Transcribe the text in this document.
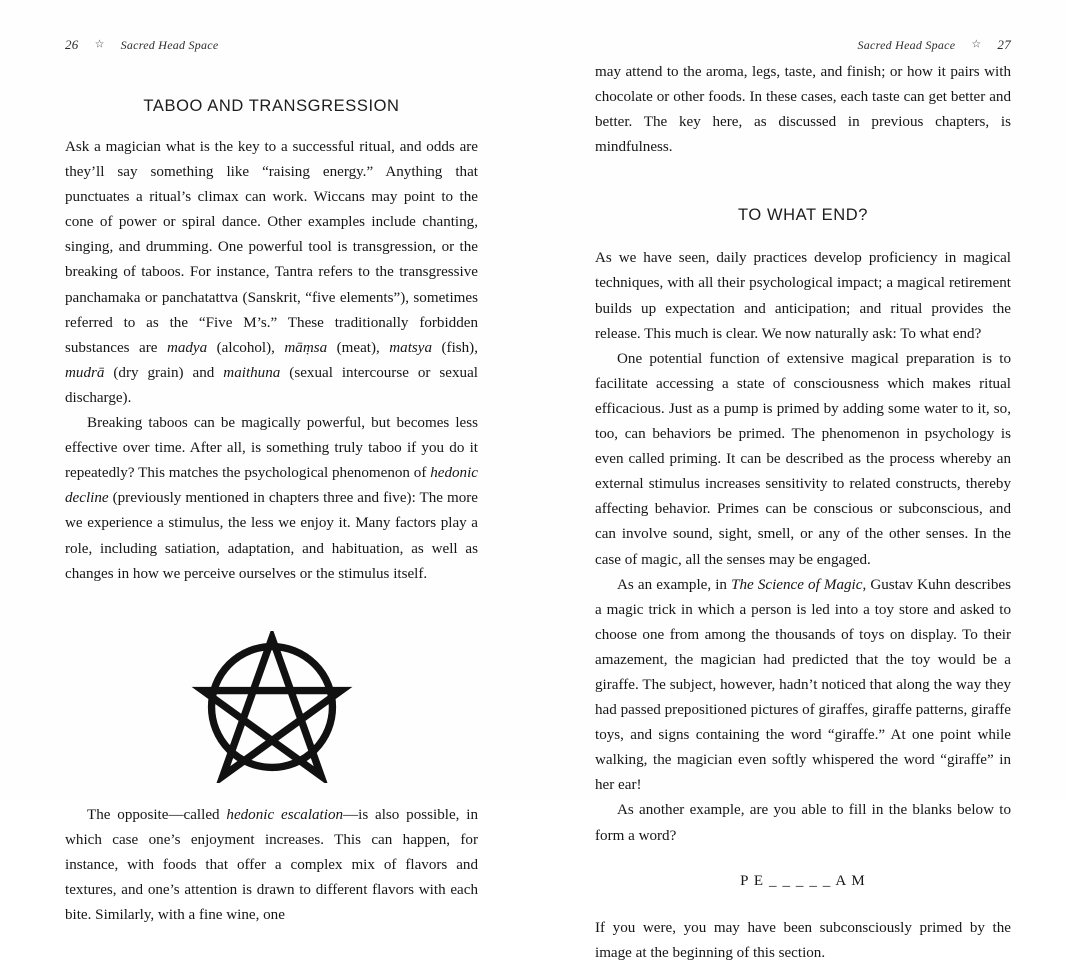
26 ☆ Sacred Head Space
TABOO AND TRANSGRESSION

Ask a magician what is the key to a successful ritual, and odds are they’ll say something like “raising energy.” Anything that punctuates a ritual’s climax can work. Wiccans may point to the cone of power or spiral dance. Other examples include chanting, singing, and drumming. One powerful tool is transgression, or the breaking of taboos. For instance, Tantra refers to the transgressive panchamaka or panchatattva (Sanskrit, “five elements”), sometimes referred to as the “Five M’s.” These traditionally forbidden substances are madya (alcohol), māṃsa (meat), matsya (fish), mudrā (dry grain) and maithuna (sexual intercourse or sexual discharge).

Breaking taboos can be magically powerful, but becomes less effective over time. After all, is something truly taboo if you do it repeatedly? This matches the psychological phenomenon of hedonic decline (previously mentioned in chapters three and five): The more we experience a stimulus, the less we enjoy it. Many factors play a role, including satiation, adaptation, and habituation, as well as changes in how we perceive ourselves or the stimulus itself.

The opposite—called hedonic escalation—is also possible, in which case one’s enjoyment increases. This can happen, for instance, with foods that offer a complex mix of flavors and textures, and one’s attention is drawn to different flavors with each bite. Similarly, with a fine wine, one

Sacred Head Space ☆ 27

may attend to the aroma, legs, taste, and finish; or how it pairs with chocolate or other foods. In these cases, each taste can get better and better. The key here, as discussed in previous chapters, is mindfulness.

TO WHAT END?

As we have seen, daily practices develop proficiency in magical techniques, with all their psychological impact; a magical retirement builds up expectation and anticipation; and ritual provides the release. This much is clear. We now naturally ask: To what end?

One potential function of extensive magical preparation is to facilitate accessing a state of consciousness which makes ritual efficacious. Just as a pump is primed by adding some water to it, so, too, can behaviors be primed. The phenomenon in psychology is even called priming. It can be described as the process whereby an external stimulus increases sensitivity to related constructs, thereby affecting behavior. Primes can be conscious or subconscious, and can involve sound, sight, smell, or any of the other senses. In the case of magic, all the senses may be engaged.

As an example, in The Science of Magic, Gustav Kuhn describes a magic trick in which a person is led into a toy store and asked to choose one from among the thousands of toys on display. To their amazement, the magician had predicted that the toy would be a giraffe. The subject, however, hadn’t noticed that along the way they had passed prepositioned pictures of giraffes, giraffe patterns, giraffe toys, and signs containing the word “giraffe.” At one point while walking, the magician even softly whispered the word “giraffe” in her ear!

As another example, are you able to fill in the blanks below to form a word?

P E _ _ _ _ _ A M

If you were, you may have been subconsciously primed by the image at the beginning of this section.
